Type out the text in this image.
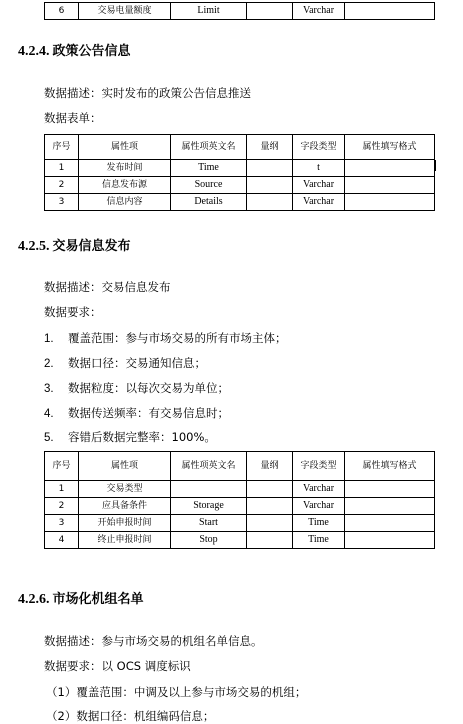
6	交易电量额度	Limit		Varchar	
4.2.4. 政策公告信息
数据描述：实时发布的政策公告信息推送
数据表单：
序号	属性项	属性项英文名	量纲	字段类型	属性填写格式
1	发布时间	Time		t	
2	信息发布源	Source		Varchar	
3	信息内容	Details		Varchar	
4.2.5. 交易信息发布
数据描述：交易信息发布
数据要求：
1. 覆盖范围：参与市场交易的所有市场主体；
2. 数据口径：交易通知信息；
3. 数据粒度：以每次交易为单位；
4. 数据传送频率：有交易信息时；
5. 容错后数据完整率：100%。
序号	属性项	属性项英文名	量纲	字段类型	属性填写格式
1	交易类型			Varchar	
2	应具备条件	Storage		Varchar	
3	开始申报时间	Start		Time	
4	终止申报时间	Stop		Time	
4.2.6. 市场化机组名单
数据描述：参与市场交易的机组名单信息。
数据要求：以 OCS 调度标识
（1）覆盖范围：中调及以上参与市场交易的机组；
（2）数据口径：机组编码信息；
